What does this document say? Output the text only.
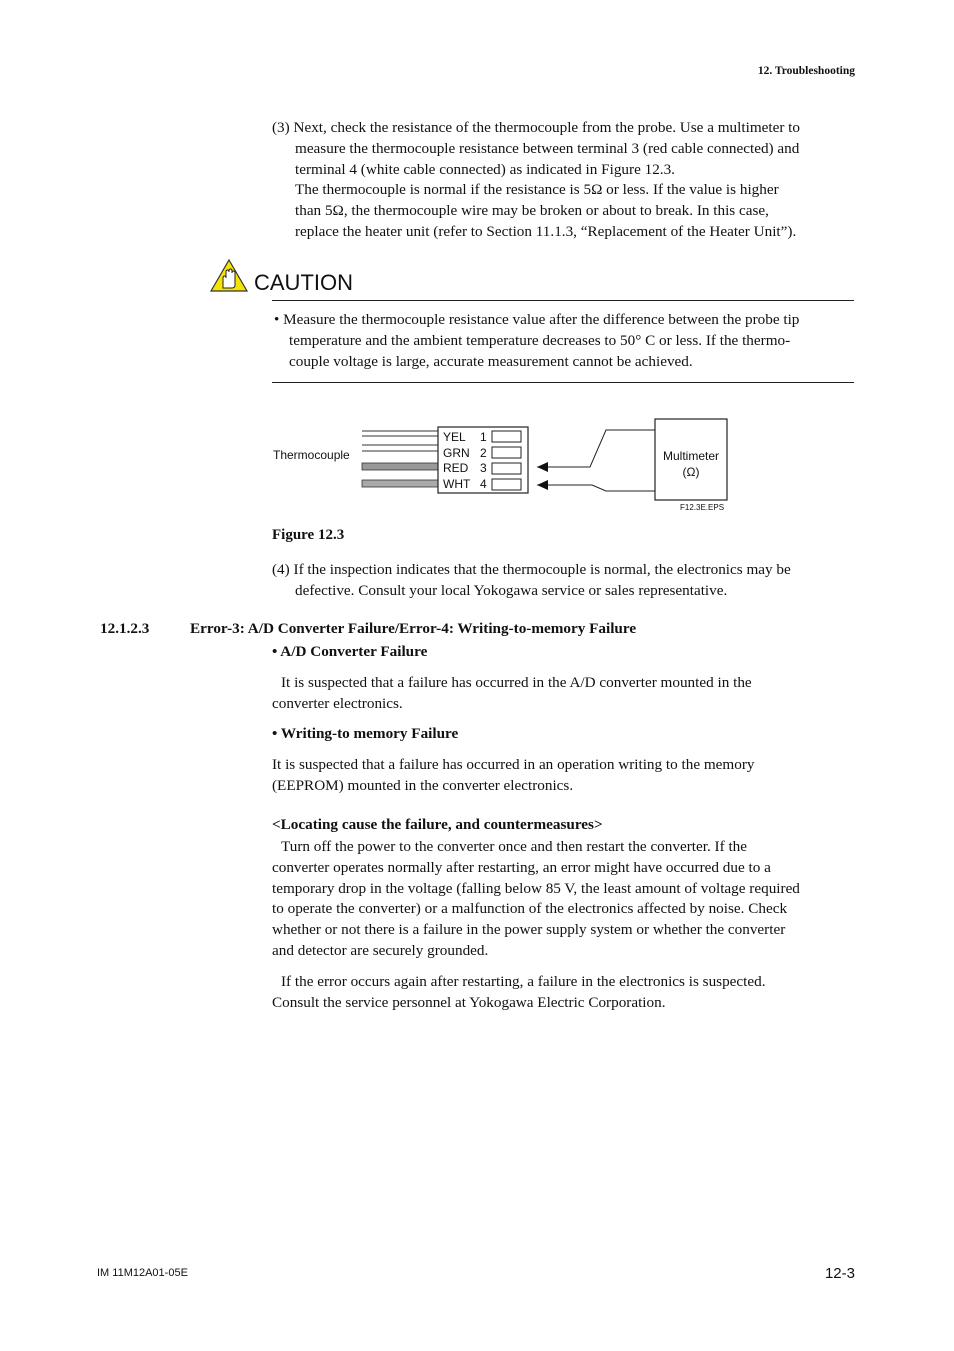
12. Troubleshooting

(3) Next, check the resistance of the thermocouple from the probe. Use a multimeter to

measure the thermocouple resistance between terminal 3 (red cable connected) and

terminal 4 (white cable connected) as indicated in Figure 12.3.

The thermocouple is normal if the resistance is 5Ω or less. If the value is higher

than 5Ω, the thermocouple wire may be broken or about to break. In this case,

replace the heater unit (refer to Section 11.1.3, “Replacement of the Heater Unit”).

CAUTION

• Measure the thermocouple resistance value after the difference between the probe tip

temperature and the ambient temperature decreases to 50° C or less. If the thermo-

couple voltage is large, accurate measurement cannot be achieved.

Thermocouple
YEL 1
GRN 2
RED 3
WHT 4
Multimeter
(Ω)
F12.3E.EPS
Figure 12.3

(4) If the inspection indicates that the thermocouple is normal, the electronics may be

defective. Consult your local Yokogawa service or sales representative.

12.1.2.3	Error-3: A/D Converter Failure/Error-4: Writing-to-memory Failure
• A/D Converter Failure

It is suspected that a failure has occurred in the A/D converter mounted in the

converter electronics.

• Writing-to memory Failure

It is suspected that a failure has occurred in an operation writing to the memory

(EEPROM) mounted in the converter electronics.

<Locating cause the failure, and countermeasures>

Turn off the power to the converter once and then restart the converter. If the

converter operates normally after restarting, an error might have occurred due to a

temporary drop in the voltage (falling below 85 V, the least amount of voltage required

to operate the converter) or a malfunction of the electronics affected by noise. Check

whether or not there is a failure in the power supply system or whether the converter

and detector are securely grounded.

If the error occurs again after restarting, a failure in the electronics is suspected.

Consult the service personnel at Yokogawa Electric Corporation.

IM 11M12A01-05E	12-3
